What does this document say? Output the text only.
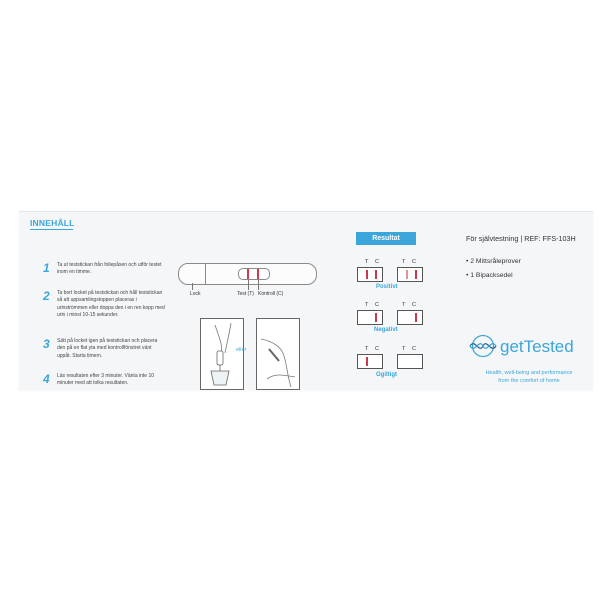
INNEHÅLL
1 Ta ut teststickan från foliepåsen och utför testet inom en timme.
2 Ta bort locket på teststickan och håll teststickan så att uppsamlingstoppen placeras i urinströmmen eller doppa den i en ren kopp med urin i minst 10-15 sekunder.
3 Sätt på locket igen på teststickan och placera den på en flat yta med kontrollfönstret vänt uppåt. Starta timern.
4 Läs resultaten efter 3 minuter. Vänta inte 10 minuter med att tolka resultaten.
Lock	Test (T) Kontroll (C)
eller
Resultat
T C	T C
Positivt
T C	T C
Negativt
T C	T C
Ogiltigt
För självtestning | REF: FFS-103H
• 2 Mittsråleprover
• 1 Bipacksedel
getTested
Health, well-being and performance
from the comfort of home
